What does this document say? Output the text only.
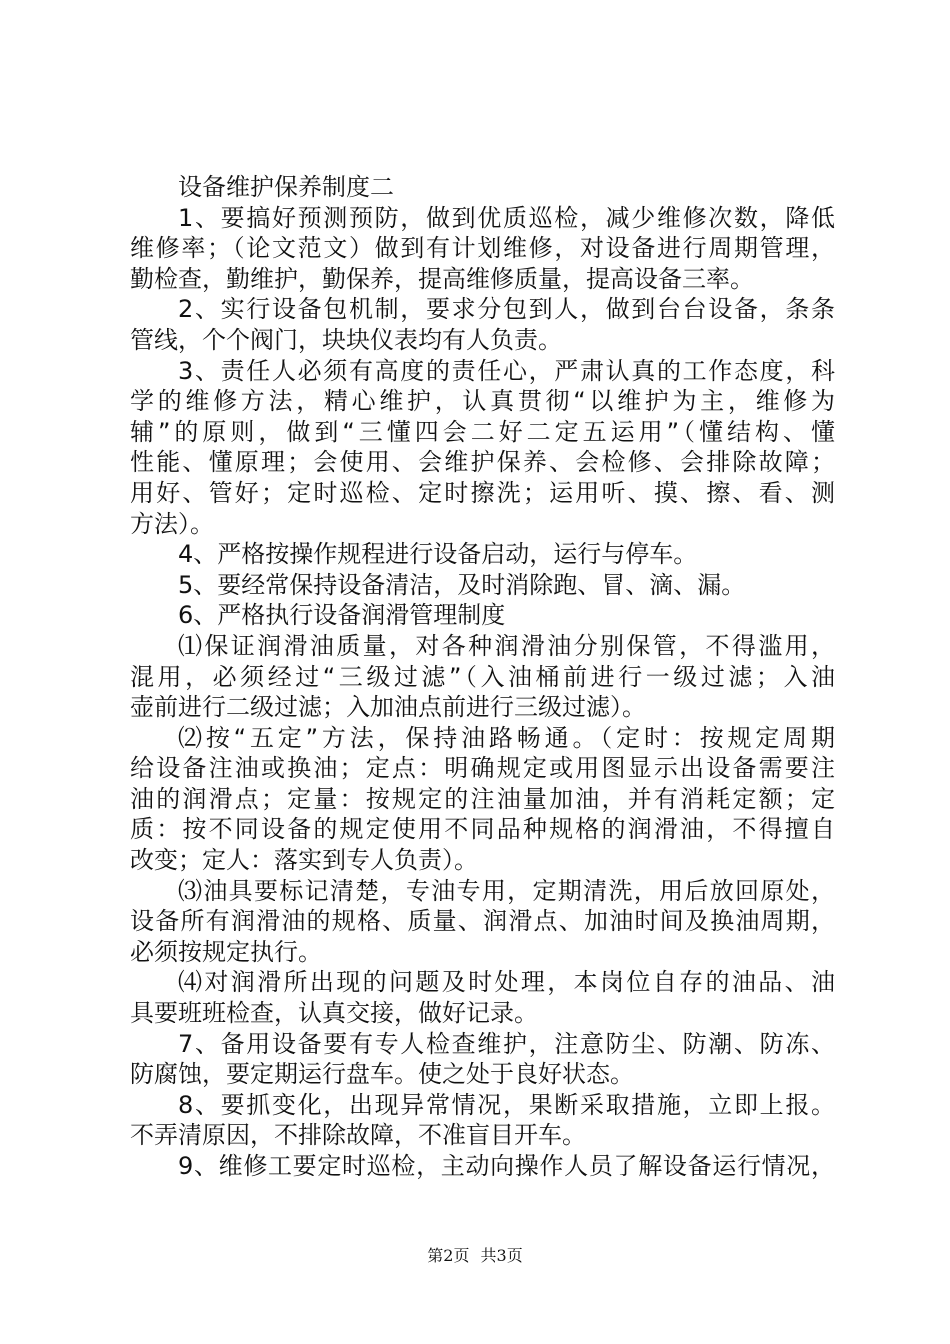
设备维护保养制度二
1、要搞好预测预防，做到优质巡检，减少维修次数，降低
维修率；（论文范文）做到有计划维修，对设备进行周期管理，
勤检查，勤维护，勤保养，提高维修质量，提高设备三率。
2、实行设备包机制，要求分包到人，做到台台设备，条条
管线，个个阀门，块块仪表均有人负责。
3、责任人必须有高度的责任心，严肃认真的工作态度，科
学的维修方法，精心维护，认真贯彻“以维护为主，维修为
辅”的原则，做到“三懂四会二好二定五运用”（懂结构、懂
性能、懂原理；会使用、会维护保养、会检修、会排除故障；
用好、管好；定时巡检、定时擦洗；运用听、摸、擦、看、测
方法）。
4、严格按操作规程进行设备启动，运行与停车。
5、要经常保持设备清洁，及时消除跑、冒、滴、漏。
6、严格执行设备润滑管理制度
⑴保证润滑油质量，对各种润滑油分别保管，不得滥用，
混用，必须经过“三级过滤”（入油桶前进行一级过滤；入油
壶前进行二级过滤；入加油点前进行三级过滤）。
⑵按“五定”方法，保持油路畅通。（定时：按规定周期
给设备注油或换油；定点：明确规定或用图显示出设备需要注
油的润滑点；定量：按规定的注油量加油，并有消耗定额；定
质：按不同设备的规定使用不同品种规格的润滑油，不得擅自
改变；定人：落实到专人负责）。
⑶油具要标记清楚，专油专用，定期清洗，用后放回原处，
设备所有润滑油的规格、质量、润滑点、加油时间及换油周期，
必须按规定执行。
⑷对润滑所出现的问题及时处理，本岗位自存的油品、油
具要班班检查，认真交接，做好记录。
7、备用设备要有专人检查维护，注意防尘、防潮、防冻、
防腐蚀，要定期运行盘车。使之处于良好状态。
8、要抓变化，出现异常情况，果断采取措施，立即上报。
不弄清原因，不排除故障，不准盲目开车。
9、维修工要定时巡检，主动向操作人员了解设备运行情况，
第2页 共3页
